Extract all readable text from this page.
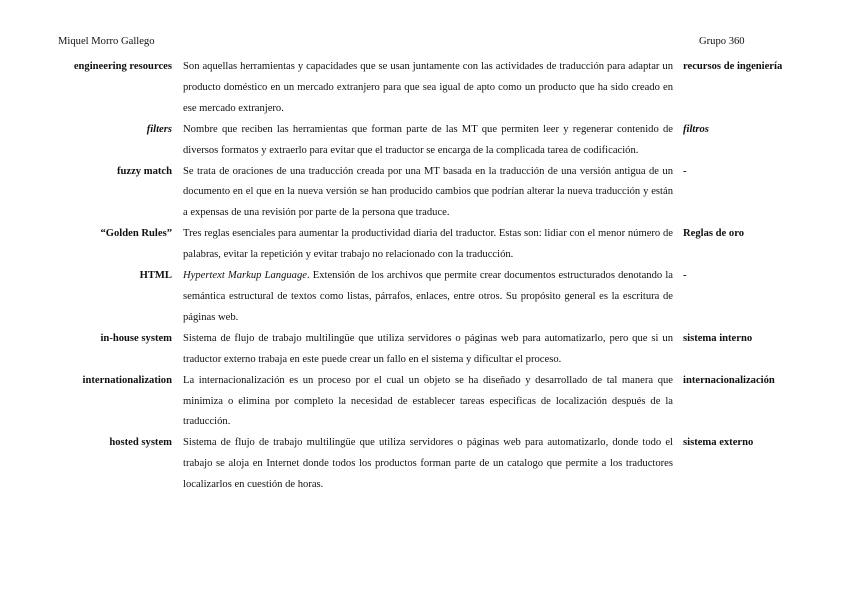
Miquel Morro Gallego	Grupo 360
engineering resources Son aquellas herramientas y capacidades que se usan juntamente con las actividades de traducción para adaptar un producto doméstico en un mercado extranjero para que sea igual de apto como un producto que ha sido creado en ese mercado extranjero.
recursos de ingeniería
filters Nombre que reciben las herramientas que forman parte de las MT que permiten leer y regenerar contenido de diversos formatos y extraerlo para evitar que el traductor se encarga de la complicada tarea de codificación.
filtros
fuzzy match Se trata de oraciones de una traducción creada por una MT basada en la traducción de una versión antigua de un documento en el que en la nueva versión se han producido cambios que podrían alterar la nueva traducción y están a expensas de una revisión por parte de la persona que traduce.
-
“Golden Rules” Tres reglas esenciales para aumentar la productividad diaria del traductor. Estas son: lidiar con el menor número de palabras, evitar la repetición y evitar trabajo no relacionado con la traducción.
Reglas de oro
HTML Hypertext Markup Language. Extensión de los archivos que permite crear documentos estructurados denotando la semántica estructural de textos como listas, párrafos, enlaces, entre otros. Su propósito general es la escritura de páginas web.
-
in-house system Sistema de flujo de trabajo multilingüe que utiliza servidores o páginas web para automatizarlo, pero que si un traductor externo trabaja en este puede crear un fallo en el sistema y dificultar el proceso.
sistema interno
internationalization La internacionalización es un proceso por el cual un objeto se ha diseñado y desarrollado de tal manera que minimiza o elimina por completo la necesidad de establecer tareas especificas de localización después de la traducción.
internacionalización
hosted system Sistema de flujo de trabajo multilingüe que utiliza servidores o páginas web para automatizarlo, donde todo el trabajo se aloja en Internet donde todos los productos forman parte de un catalogo que permite a los traductores localizarlos en cuestión de horas.
sistema externo
